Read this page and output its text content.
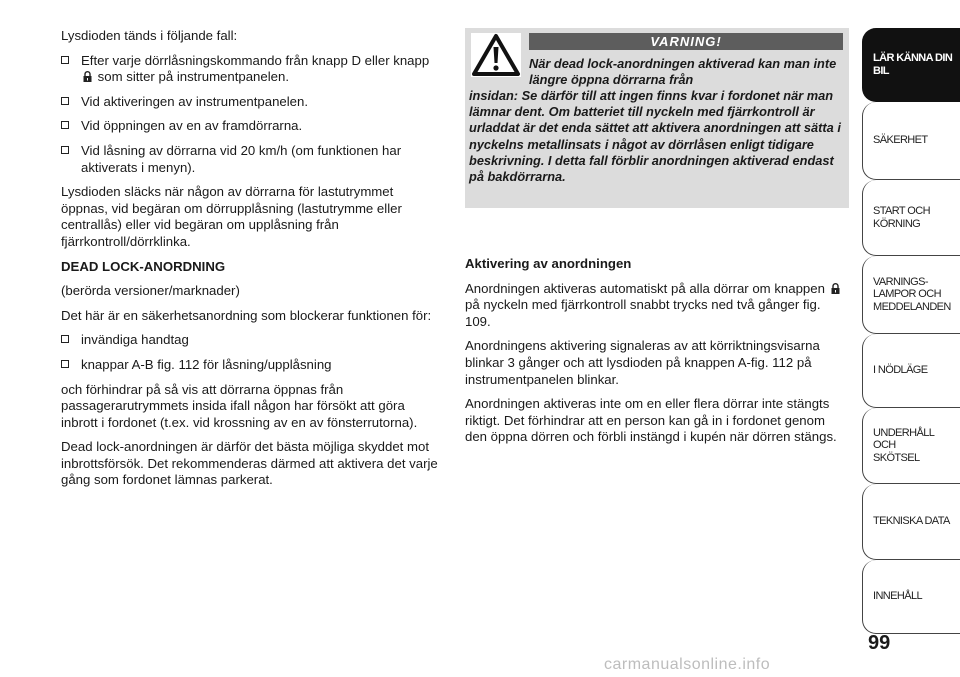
Lysdioden tänds i följande fall:

Efter varje dörrlåsningskommando från knapp D eller knapp  som sitter på instrumentpanelen.
Vid aktiveringen av instrumentpanelen.
Vid öppningen av en av framdörrarna.
Vid låsning av dörrarna vid 20 km/h (om funktionen har aktiverats i menyn).

Lysdioden släcks när någon av dörrarna för lastutrymmet öppnas, vid begäran om dörrupplåsning (lastutrymme eller centrallås) eller vid begäran om upplåsning från fjärrkontroll/dörrklinka.

DEAD LOCK-ANORDNING

(berörda versioner/marknader)

Det här är en säkerhetsanordning som blockerar funktionen för:

invändiga handtag
knappar A-B fig. 112 för låsning/upplåsning

och förhindrar på så vis att dörrarna öppnas från passagerarutrymmets insida ifall någon har försökt att göra inbrott i fordonet (t.ex. vid krossning av en av fönsterrutorna).

Dead lock-anordningen är därför det bästa möjliga skyddet mot inbrottsförsök. Det rekommenderas därmed att aktivera det varje gång som fordonet lämnas parkerat.

VARNING!
När dead lock-anordningen aktiverad kan man inte längre öppna dörrarna från
insidan: Se därför till att ingen finns kvar i fordonet när man lämnar dent. Om batteriet till nyckeln med fjärrkontroll är urladdat är det enda sättet att aktivera anordningen att sätta i nyckelns metallinsats i något av dörrlåsen enligt tidigare beskrivning. I detta fall förblir anordningen aktiverad endast på bakdörrarna.

Aktivering av anordningen

Anordningen aktiveras automatiskt på alla dörrar om knappen  på nyckeln med fjärrkontroll snabbt trycks ned två gånger fig. 109.

Anordningens aktivering signaleras av att körriktningsvisarna blinkar 3 gånger och att lysdioden på knappen A-fig. 112 på instrumentpanelen blinkar.

Anordningen aktiveras inte om en eller flera dörrar inte stängts riktigt. Det förhindrar att en person kan gå in i fordonet genom den öppna dörren och förbli instängd i kupén när dörren stängs.

LÄR KÄNNA DIN BIL
SÄKERHET
START OCH KÖRNING
VARNINGS- LAMPOR OCH MEDDELANDEN
I NÖDLÄGE
UNDERHÅLL OCH SKÖTSEL
TEKNISKA DATA
INNEHÅLL
99
carmanualsonline.info
